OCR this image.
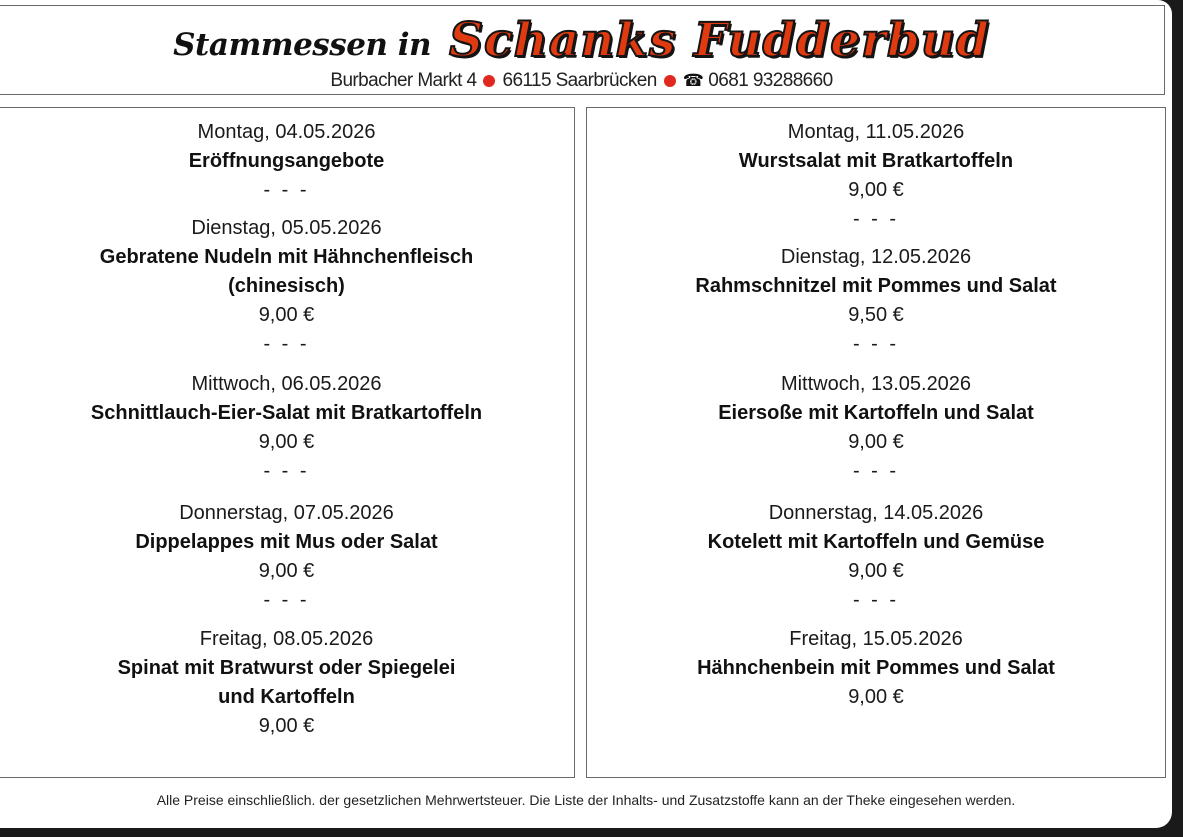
Stammessen in Schanks Fudderbud
Burbacher Markt 4 66115 Saarbrücken ☎ 0681 93288660
Montag, 04.05.2026
Eröffnungsangebote
- - -
Dienstag, 05.05.2026
Gebratene Nudeln mit Hähnchenfleisch
(chinesisch)
9,00 €
- - -
Mittwoch, 06.05.2026
Schnittlauch-Eier-Salat mit Bratkartoffeln
9,00 €
- - -
Donnerstag, 07.05.2026
Dippelappes mit Mus oder Salat
9,00 €
- - -
Freitag, 08.05.2026
Spinat mit Bratwurst oder Spiegelei
und Kartoffeln
9,00 €
Montag, 11.05.2026
Wurstsalat mit Bratkartoffeln
9,00 €
- - -
Dienstag, 12.05.2026
Rahmschnitzel mit Pommes und Salat
9,50 €
- - -
Mittwoch, 13.05.2026
Eiersoße mit Kartoffeln und Salat
9,00 €
- - -
Donnerstag, 14.05.2026
Kotelett mit Kartoffeln und Gemüse
9,00 €
- - -
Freitag, 15.05.2026
Hähnchenbein mit Pommes und Salat
9,00 €
Alle Preise einschließlich. der gesetzlichen Mehrwertsteuer. Die Liste der Inhalts- und Zusatzstoffe kann an der Theke eingesehen werden.
